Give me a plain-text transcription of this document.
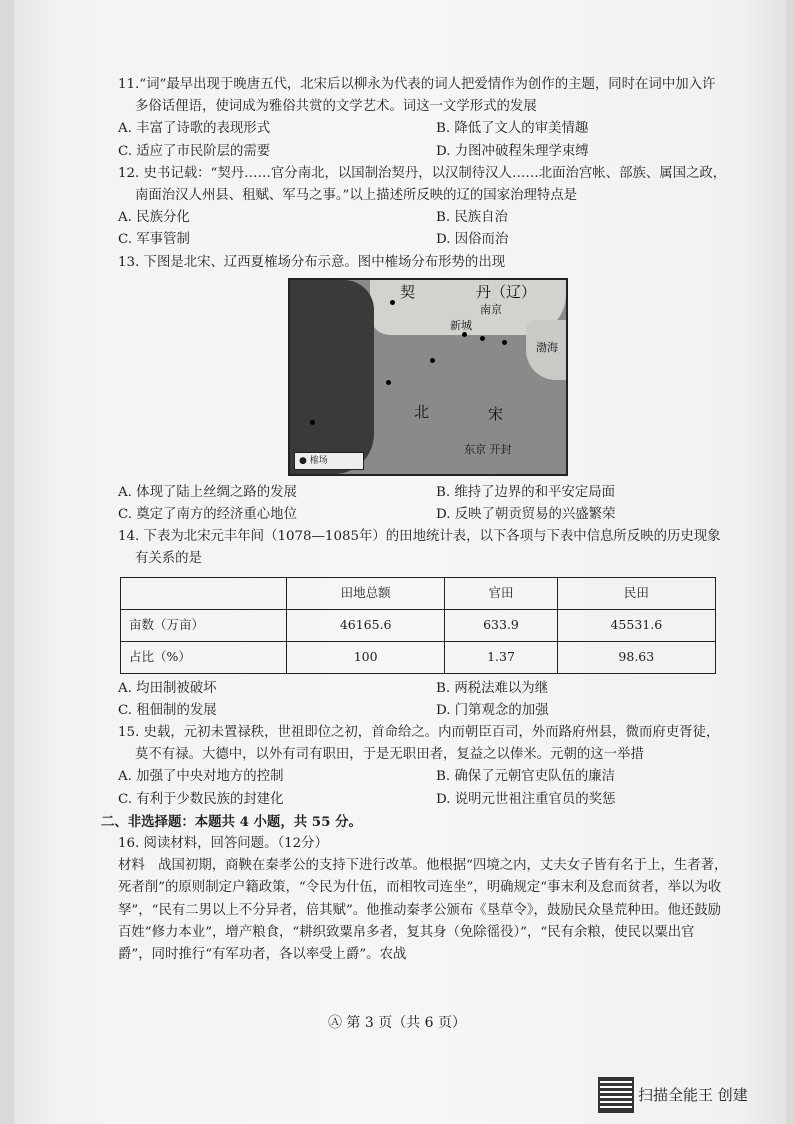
11.“词”最早出现于晚唐五代，北宋后以柳永为代表的词人把爱情作为创作的主题，同时在词中加入许多俗话俚语，使词成为雅俗共赏的文学艺术。词这一文学形式的发展
A. 丰富了诗歌的表现形式	B. 降低了文人的审美情趣
C. 适应了市民阶层的需要	D. 力图冲破程朱理学束缚
12. 史书记载：“契丹……官分南北，以国制治契丹，以汉制待汉人……北面治宫帐、部族、属国之政，南面治汉人州县、租赋、军马之事。”以上描述所反映的辽的国家治理特点是
A. 民族分化	B. 民族自治
C. 军事管制	D. 因俗而治
13. 下图是北宋、辽西夏榷场分布示意。图中榷场分布形势的出现
契	丹（辽）
南京
新城
渤海
北	宋
东京 开封
● 榷场
A. 体现了陆上丝绸之路的发展	B. 维持了边界的和平安定局面
C. 奠定了南方的经济重心地位	D. 反映了朝贡贸易的兴盛繁荣
14. 下表为北宋元丰年间（1078—1085年）的田地统计表，以下各项与下表中信息所反映的历史现象有关系的是
	田地总额	官田	民田
亩数（万亩）	46165.6	633.9	45531.6
占比（%）	100	1.37	98.63
A. 均田制被破坏	B. 两税法难以为继
C. 租佃制的发展	D. 门第观念的加强
15. 史载，元初未置禄秩，世祖即位之初，首命给之。内而朝臣百司，外而路府州县，微而府吏胥徒，莫不有禄。大德中，以外有司有职田，于是无职田者，复益之以俸米。元朝的这一举措
A. 加强了中央对地方的控制	B. 确保了元朝官吏队伍的廉洁
C. 有利于少数民族的封建化	D. 说明元世祖注重官员的奖惩
二、非选择题：本题共 4 小题，共 55 分。
16. 阅读材料，回答问题。（12分）
材料　战国初期，商鞅在秦孝公的支持下进行改革。他根据“四境之内，丈夫女子皆有名于上，生者著，死者削”的原则制定户籍政策，“令民为什伍，而相牧司连坐”，明确规定“事末利及怠而贫者，举以为收孥”，“民有二男以上不分异者，倍其赋”。他推动秦孝公颁布《垦草令》，鼓励民众垦荒种田。他还鼓励百姓“修力本业”，增产粮食，“耕织致粟帛多者，复其身（免除徭役）”，“民有余粮，使民以粟出官爵”，同时推行“有军功者，各以率受上爵”。农战
Ⓐ 第 3 页（共 6 页）
扫描全能王 创建
